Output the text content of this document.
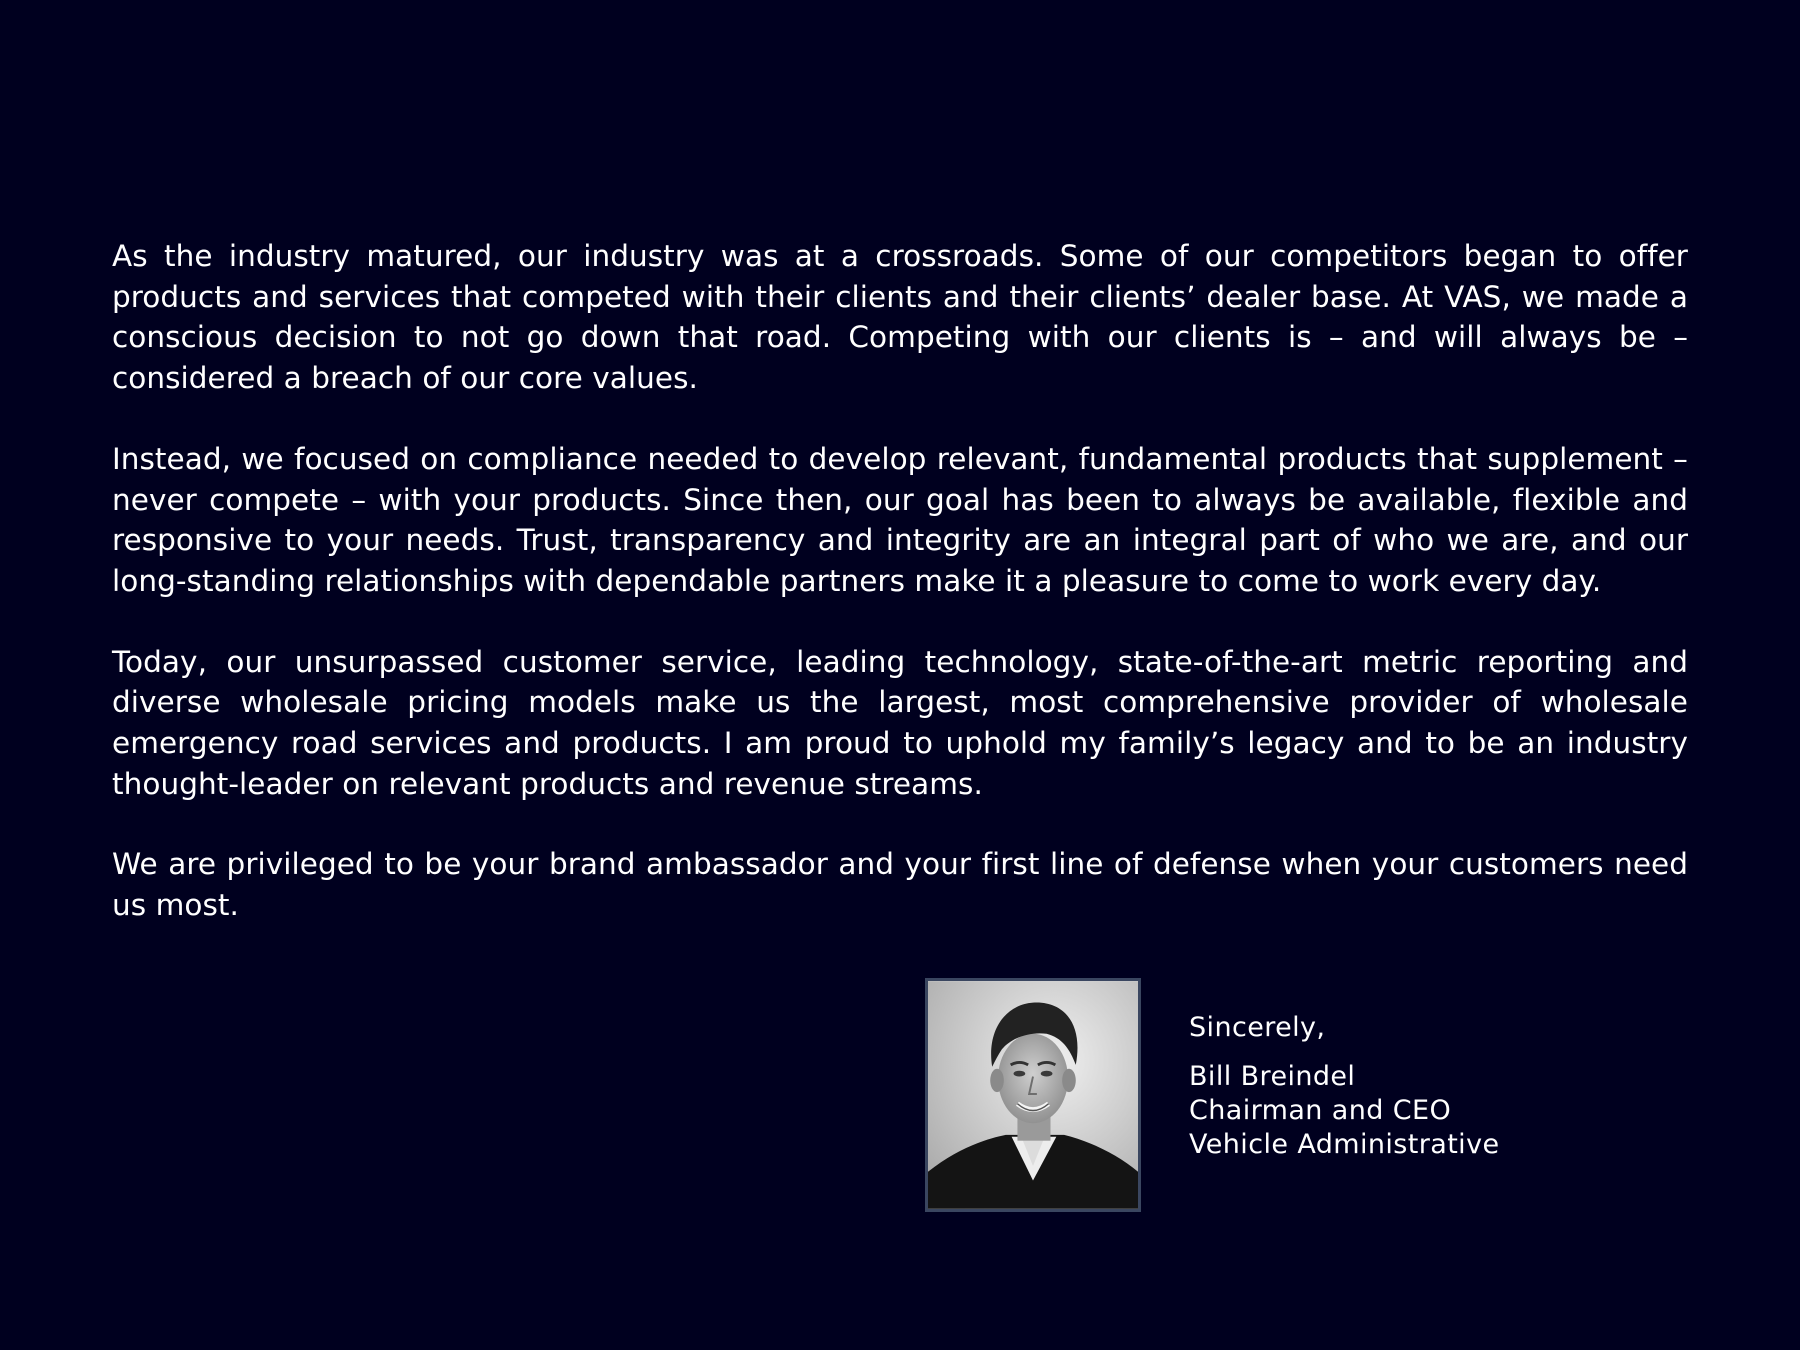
As the industry matured, our industry was at a crossroads. Some of our competitors began to offer products and services that competed with their clients and their clients’ dealer base. At VAS, we made a conscious decision to not go down that road. Competing with our clients is – and will always be – considered a breach of our core values.

Instead, we focused on compliance needed to develop relevant, fundamental products that supplement – never compete – with your products. Since then, our goal has been to always be available, flexible and responsive to your needs. Trust, transparency and integrity are an integral part of who we are, and our long-standing relationships with dependable partners make it a pleasure to come to work every day.

Today, our unsurpassed customer service, leading technology, state-of-the-art metric reporting and diverse wholesale pricing models make us the largest, most comprehensive provider of wholesale emergency road services and products. I am proud to uphold my family’s legacy and to be an industry thought-leader on relevant products and revenue streams.

We are privileged to be your brand ambassador and your first line of defense when your customers need us most.

Sincerely,
Bill Breindel
Chairman and CEO
Vehicle Administrative
